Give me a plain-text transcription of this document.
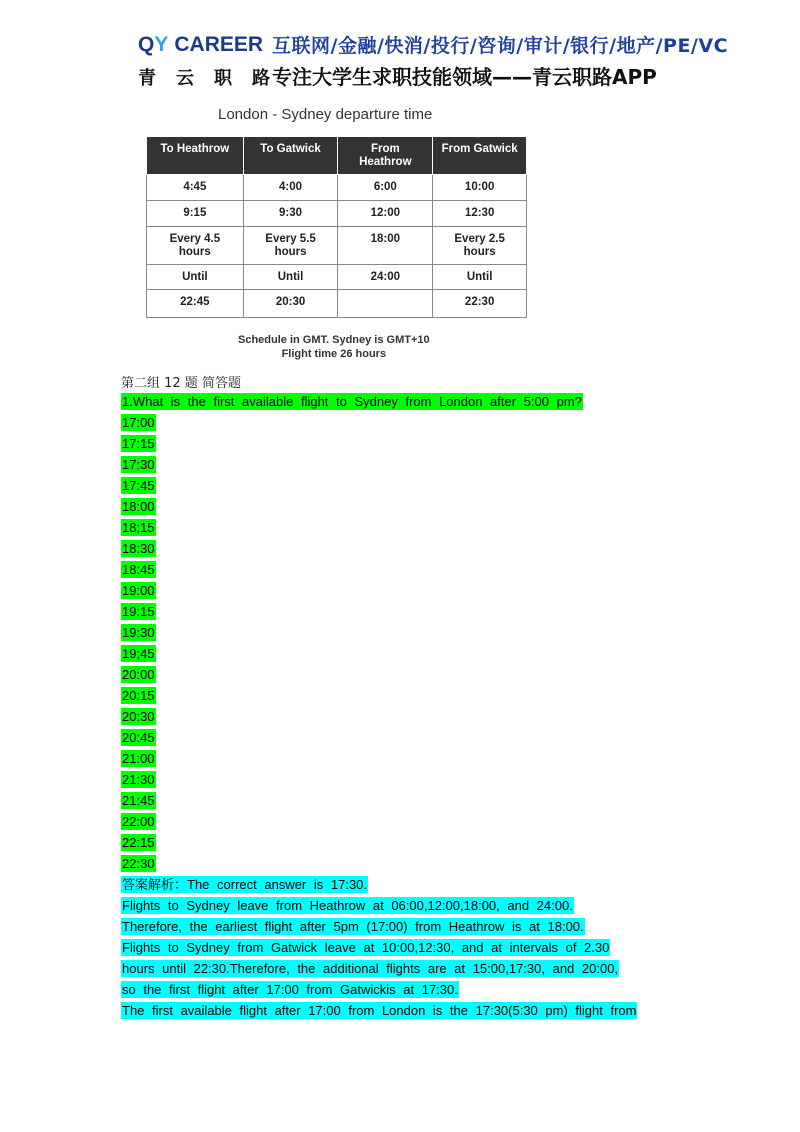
QY CAREER 互联网/金融/快消/投行/咨询/审计/银行/地产/PE/VC
青云职路
专注大学生求职技能领域——青云职路APP
London - Sydney departure time
To Heathrow	To Gatwick	From Heathrow	From Gatwick
4:45	4:00	6:00	10:00
9:15	9:30	12:00	12:30
Every 4.5 hours	Every 5.5 hours	18:00	Every 2.5 hours
Until	Until	24:00	Until
22:45	20:30		22:30
Schedule in GMT. Sydney is GMT+10
Flight time 26 hours
第二组 12 题 简答题
1.What is the first available flight to Sydney from London after 5:00 pm?
17:00
17:15
17:30
17:45
18:00
18;15
18:30
18:45
19:00
19:15
19:30
19;45
20:00
20:15
20:30
20:45
21:00
21:30
21:45
22:00
22:15
22:30
答案解析：The correct answer is 17:30.
Flights to Sydney leave from Heathrow at 06:00,12:00,18:00, and 24:00.
Therefore, the earliest flight after 5pm (17:00) from Heathrow is at 18:00.
Flights to Sydney from Gatwick leave at 10:00,12:30, and at intervals of 2.30
hours until 22:30.Therefore, the additional flights are at 15:00,17:30, and 20:00,
so the first flight after 17:00 from Gatwickis at 17:30.
The first available flight after 17:00 from London is the 17:30(5:30 pm) flight from
